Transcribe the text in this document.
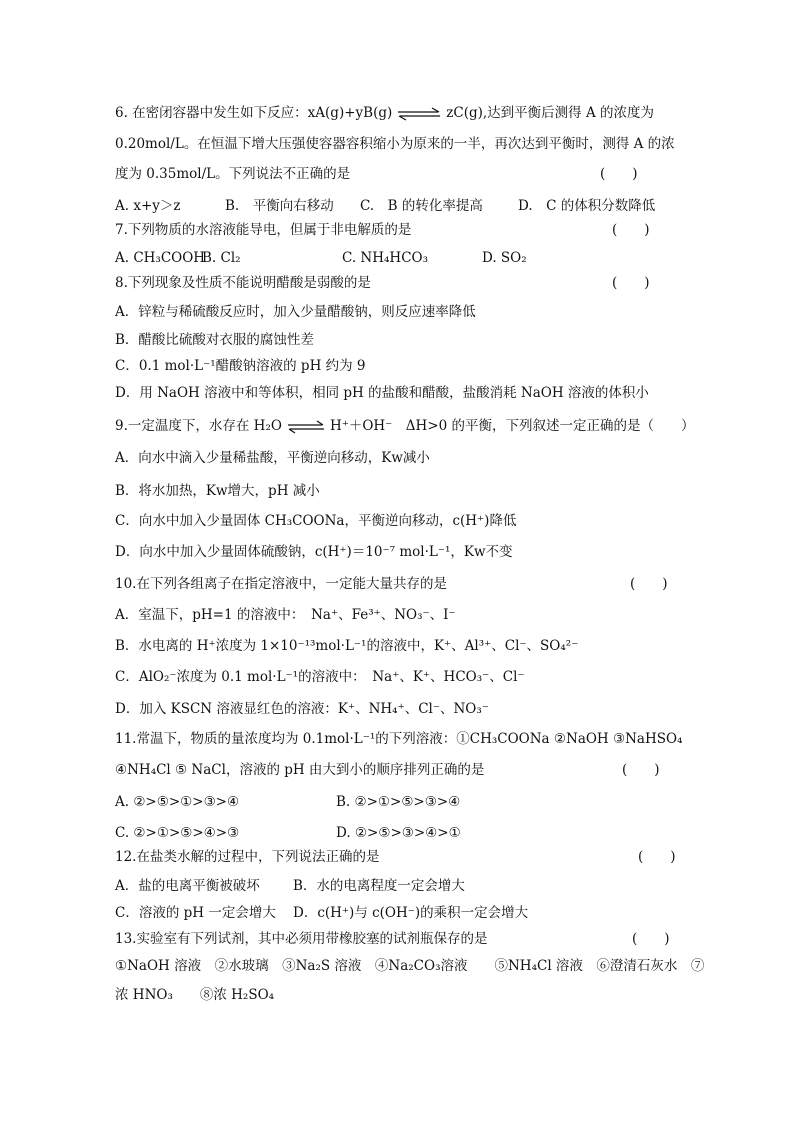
6. 在密闭容器中发生如下反应：xA(g)+yB(g) ⇌ zC(g),达到平衡后测得 A 的浓度为
0.20mol/L。在恒温下增大压强使容器容积缩小为原来的一半，再次达到平衡时，测得 A 的浓
度为 0.35mol/L。下列说法不正确的是	(　　)
A. x+y＞z	B.　平衡向右移动 C.　B 的转化率提高	D.　C 的体积分数降低
7.下列物质的水溶液能导电，但属于非电解质的是	(　　)
A. CH₃COOHB. Cl₂	C. NH₄HCO₃	D. SO₂
8.下列现象及性质不能说明醋酸是弱酸的是	(　　)
A．锌粒与稀硫酸反应时，加入少量醋酸钠，则反应速率降低
B．醋酸比硫酸对衣服的腐蚀性差
C．0.1 mol·L⁻¹醋酸钠溶液的 pH 约为 9
D．用 NaOH 溶液中和等体积，相同 pH 的盐酸和醋酸，盐酸消耗 NaOH 溶液的体积小
9.一定温度下，水存在 H₂O ⇌ H⁺＋OH⁻　ΔH>0 的平衡，下列叙述一定正确的是（　　）
A．向水中滴入少量稀盐酸，平衡逆向移动，Kw减小
B．将水加热，Kw增大，pH 减小
C．向水中加入少量固体 CH₃COONa，平衡逆向移动，c(H⁺)降低
D．向水中加入少量固体硫酸钠，c(H⁺)＝10⁻⁷ mol·L⁻¹，Kw不变
10.在下列各组离子在指定溶液中，一定能大量共存的是	(　　)
A．室温下，pH=1 的溶液中：　Na⁺、Fe³⁺、NO₃⁻、I⁻
B．水电离的 H⁺浓度为 1×10⁻¹³mol·L⁻¹的溶液中，K⁺、Al³⁺、Cl⁻、SO₄²⁻
C．AlO₂⁻浓度为 0.1 mol·L⁻¹的溶液中：　Na⁺、K⁺、HCO₃⁻、Cl⁻
D．加入 KSCN 溶液显红色的溶液：K⁺、NH₄⁺、Cl⁻、NO₃⁻
11.常温下，物质的量浓度均为 0.1mol·L⁻¹的下列溶液：①CH₃COONa ②NaOH ③NaHSO₄
④NH₄Cl ⑤ NaCl，溶液的 pH 由大到小的顺序排列正确的是	(　　)
A. ②>⑤>①>③>④	B. ②>①>⑤>③>④
C. ②>①>⑤>④>③	D. ②>⑤>③>④>①
12.在盐类水解的过程中，下列说法正确的是	(　　)
A．盐的电离平衡被破坏 B．水的电离程度一定会增大
C．溶液的 pH 一定会增大 D．c(H⁺)与 c(OH⁻)的乘积一定会增大
13.实验室有下列试剂，其中必须用带橡胶塞的试剂瓶保存的是	(　　)
①NaOH 溶液　②水玻璃　③Na₂S 溶液　④Na₂CO₃溶液　　⑤NH₄Cl 溶液　⑥澄清石灰水　⑦
浓 HNO₃　　⑧浓 H₂SO₄
